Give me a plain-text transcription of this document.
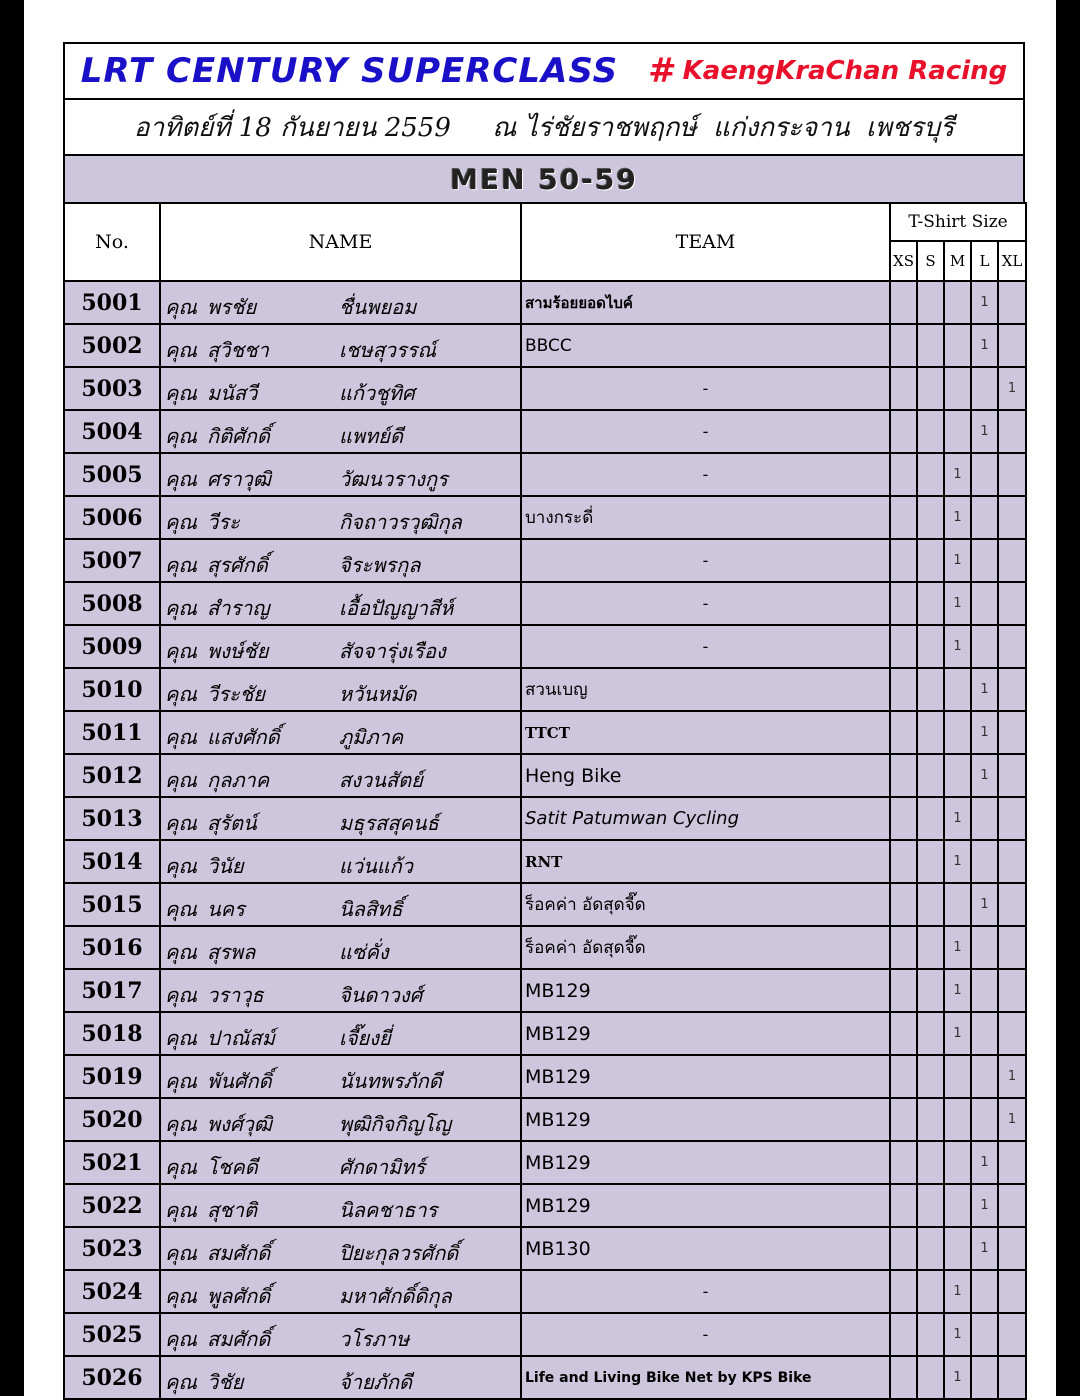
LRT CENTURY SUPERCLASS # KaengKraChan Racing
อาทิตย์ที่ 18 กันยายน 2559     ณ ไร่ชัยราชพฤกษ์  แก่งกระจาน  เพชรบุรี
MEN 50-59
No.	NAME	TEAM	T-Shirt Size				
			XS	S	M	L	XL
5001	คุณ พรชัย ชื่นพยอม	สามร้อยยอดไบค์				1	
5002	คุณ สุวิชชา เชษสุวรรณ์	BBCC				1	
5003	คุณ มนัสวี แก้วชูทิศ	-					1
5004	คุณ กิติศักดิ์ แพทย์ดี	-				1	
5005	คุณ ศราวุฒิ วัฒนวรางกูร	-			1		
5006	คุณ วีระ กิจถาวรวุฒิกุล	บางกระดี่			1		
5007	คุณ สุรศักดิ์ จิระพรกุล	-			1		
5008	คุณ สำราญ เอื้อปัญญาสีห์	-			1		
5009	คุณ พงษ์ชัย สัจจารุ่งเรือง	-			1		
5010	คุณ วีระชัย หวันหมัด	สวนเบญ				1	
5011	คุณ แสงศักดิ์ ภูมิภาค	TTCT				1	
5012	คุณ กุลภาค สงวนสัตย์	Heng Bike				1	
5013	คุณ สุรัตน์ มธุรสสุคนธ์	Satit Patumwan Cycling			1		
5014	คุณ วินัย แว่นแก้ว	RNT			1		
5015	คุณ นคร นิลสิทธิ์	ร็อคค่า อัดสุดจี๊ด				1	
5016	คุณ สุรพล แซ่คั่ง	ร็อคค่า อัดสุดจี๊ด			1		
5017	คุณ วราวุธ จินดาวงศ์	MB129			1		
5018	คุณ ปาณัสม์ เจี๊ยงยี่	MB129			1		
5019	คุณ พันศักดิ์ นันทพรภักดี	MB129					1
5020	คุณ พงศ์วุฒิ พุฒิกิจกิญโญ	MB129					1
5021	คุณ โชคดี ศักดามิทร์	MB129				1	
5022	คุณ สุชาติ นิลคชาธาร	MB129				1	
5023	คุณ สมศักดิ์ ปิยะกุลวรศักดิ์	MB130				1	
5024	คุณ พูลศักดิ์ มหาศักดิ์ดิกุล	-			1		
5025	คุณ สมศักดิ์ วโรภาษ	-			1		
5026	คุณ วิชัย จ้ายภักดี	Life and Living Bike Net by KPS Bike			1		
